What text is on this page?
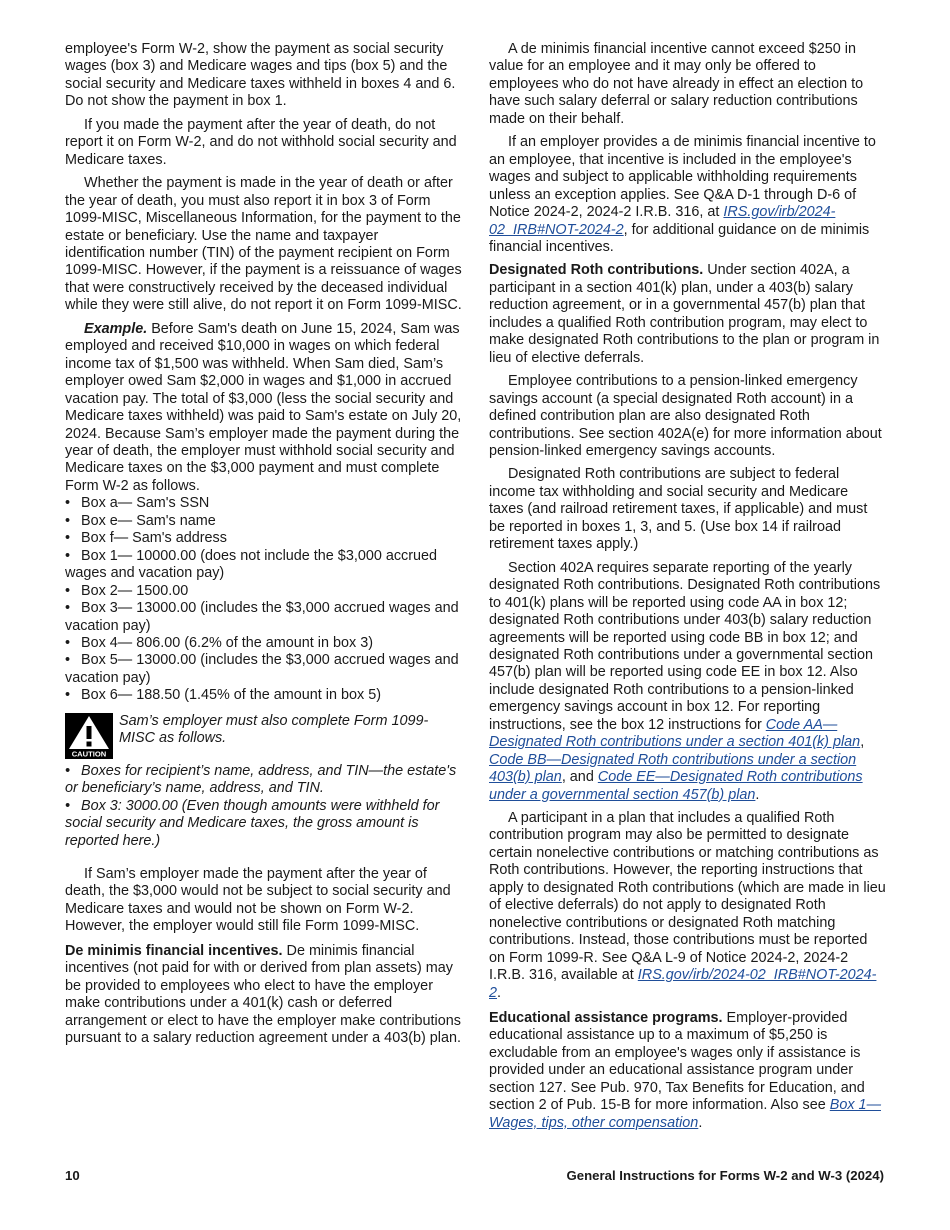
employee's Form W-2, show the payment as social security wages (box 3) and Medicare wages and tips (box 5) and the social security and Medicare taxes withheld in boxes 4 and 6. Do not show the payment in box 1.

If you made the payment after the year of death, do not report it on Form W-2, and do not withhold social security and Medicare taxes.

Whether the payment is made in the year of death or after the year of death, you must also report it in box 3 of Form 1099-MISC, Miscellaneous Information, for the payment to the estate or beneficiary. Use the name and taxpayer identification number (TIN) of the payment recipient on Form 1099-MISC. However, if the payment is a reissuance of wages that were constructively received by the deceased individual while they were still alive, do not report it on Form 1099-MISC.

Example. Before Sam's death on June 15, 2024, Sam was employed and received $10,000 in wages on which federal income tax of $1,500 was withheld. When Sam died, Sam’s employer owed Sam $2,000 in wages and $1,000 in accrued vacation pay. The total of $3,000 (less the social security and Medicare taxes withheld) was paid to Sam's estate on July 20, 2024. Because Sam’s employer made the payment during the year of death, the employer must withhold social security and Medicare taxes on the $3,000 payment and must complete Form W-2 as follows.

• Box a— Sam's SSN
• Box e— Sam's name
• Box f— Sam's address
• Box 1— 10000.00 (does not include the $3,000 accrued wages and vacation pay)
• Box 2— 1500.00
• Box 3— 13000.00 (includes the $3,000 accrued wages and vacation pay)
• Box 4— 806.00 (6.2% of the amount in box 3)
• Box 5— 13000.00 (includes the $3,000 accrued wages and vacation pay)
• Box 6— 188.50 (1.45% of the amount in box 5)
CAUTION
Sam’s employer must also complete Form 1099-MISC as follows.
• Boxes for recipient’s name, address, and TIN—the estate's or beneficiary’s name, address, and TIN.
• Box 3: 3000.00 (Even though amounts were withheld for social security and Medicare taxes, the gross amount is reported here.)

If Sam’s employer made the payment after the year of death, the $3,000 would not be subject to social security and Medicare taxes and would not be shown on Form W-2. However, the employer would still file Form 1099-MISC.

De minimis financial incentives. De minimis financial incentives (not paid for with or derived from plan assets) may be provided to employees who elect to have the employer make contributions under a 401(k) cash or deferred arrangement or elect to have the employer make contributions pursuant to a salary reduction agreement under a 403(b) plan.

A de minimis financial incentive cannot exceed $250 in value for an employee and it may only be offered to employees who do not have already in effect an election to have such salary deferral or salary reduction contributions made on their behalf.

If an employer provides a de minimis financial incentive to an employee, that incentive is included in the employee's wages and subject to applicable withholding requirements unless an exception applies. See Q&A D-1 through D-6 of Notice 2024-2, 2024-2 I.R.B. 316, at IRS.gov/irb/2024-02_IRB#NOT-2024-2, for additional guidance on de minimis financial incentives.

Designated Roth contributions. Under section 402A, a participant in a section 401(k) plan, under a 403(b) salary reduction agreement, or in a governmental 457(b) plan that includes a qualified Roth contribution program, may elect to make designated Roth contributions to the plan or program in lieu of elective deferrals.

Employee contributions to a pension-linked emergency savings account (a special designated Roth account) in a defined contribution plan are also designated Roth contributions. See section 402A(e) for more information about pension-linked emergency savings accounts.

Designated Roth contributions are subject to federal income tax withholding and social security and Medicare taxes (and railroad retirement taxes, if applicable) and must be reported in boxes 1, 3, and 5. (Use box 14 if railroad retirement taxes apply.)

Section 402A requires separate reporting of the yearly designated Roth contributions. Designated Roth contributions to 401(k) plans will be reported using code AA in box 12; designated Roth contributions under 403(b) salary reduction agreements will be reported using code BB in box 12; and designated Roth contributions under a governmental section 457(b) plan will be reported using code EE in box 12. Also include designated Roth contributions to a pension-linked emergency savings account in box 12. For reporting instructions, see the box 12 instructions for Code AA—Designated Roth contributions under a section 401(k) plan, Code BB—Designated Roth contributions under a section 403(b) plan, and Code EE—Designated Roth contributions under a governmental section 457(b) plan.

A participant in a plan that includes a qualified Roth contribution program may also be permitted to designate certain nonelective contributions or matching contributions as Roth contributions. However, the reporting instructions that apply to designated Roth contributions (which are made in lieu of elective deferrals) do not apply to designated Roth nonelective contributions or designated Roth matching contributions. Instead, those contributions must be reported on Form 1099-R. See Q&A L-9 of Notice 2024-2, 2024-2 I.R.B. 316, available at IRS.gov/irb/2024-02_IRB#NOT-2024-2.

Educational assistance programs. Employer-provided educational assistance up to a maximum of $5,250 is excludable from an employee's wages only if assistance is provided under an educational assistance program under section 127. See Pub. 970, Tax Benefits for Education, and section 2 of Pub. 15-B for more information. Also see Box 1—Wages, tips, other compensation.

10	General Instructions for Forms W-2 and W-3 (2024)
